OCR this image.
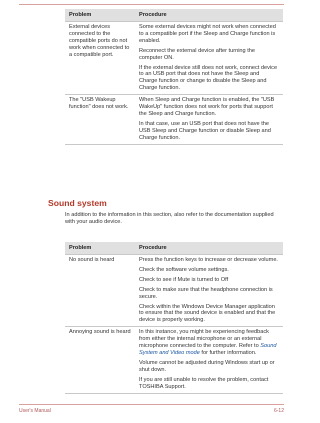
Problem	Procedure
External devices connected to the compatible ports do not work when connected to a compatible port.	Some external devices might not work when connected to a compatible port if the Sleep and Charge function is enabled.

Reconnect the external device after turning the computer ON.

If the external device still does not work, connect device to an USB port that does not have the Sleep and Charge function or change to disable the Sleep and Charge function.

The "USB Wakeup function" does not work.	When Sleep and Charge function is enabled, the "USB WakeUp" function does not work for ports that support the Sleep and Charge function.

In that case, use an USB port that does not have the USB Sleep and Charge function or disable Sleep and Charge function.

Sound system

In addition to the information in this section, also refer to the documentation supplied with your audio device.

Problem	Procedure
No sound is heard	Press the function keys to increase or decrease volume.

Check the software volume settings.

Check to see if Mute is turned to Off

Check to make sure that the headphone connection is secure.

Check within the Windows Device Manager application to ensure that the sound device is enabled and that the device is properly working.

Annoying sound is heard	In this instance, you might be experiencing feedback from either the internal microphone or an external microphone connected to the computer. Refer to Sound System and Video mode for further information.

Volume cannot be adjusted during Windows start up or shut down.

If you are still unable to resolve the problem, contact TOSHIBA Support.

User's Manual	6-12
